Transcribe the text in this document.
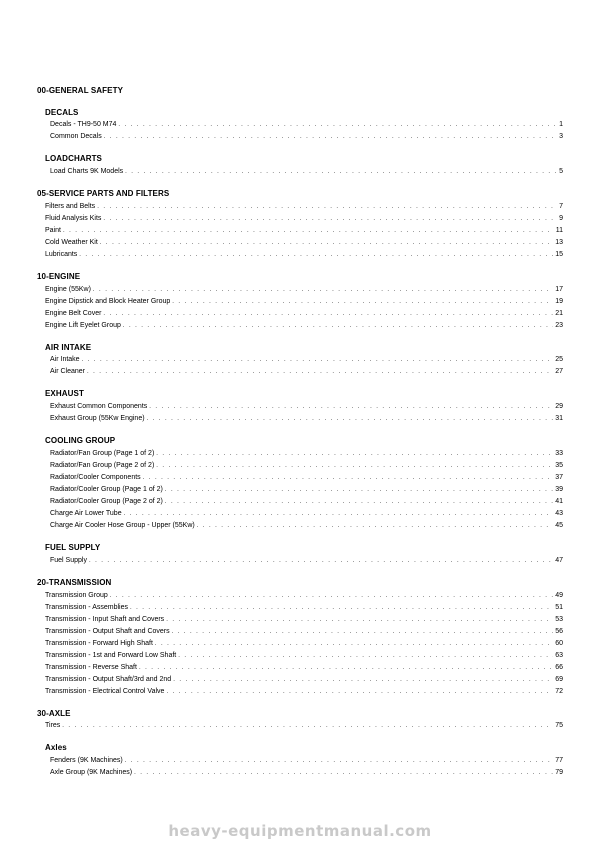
00-GENERAL SAFETY
DECALS
Decals - TH9-50 M74 . . .	1
Common Decals . . .	3
LOADCHARTS
Load Charts 9K Models . . .	5
05-SERVICE PARTS AND FILTERS
Filters and Belts . . .	7
Fluid Analysis Kits . . .	9
Paint . . .	11
Cold Weather Kit . . .	13
Lubricants . . .	15
10-ENGINE
Engine (55Kw) . . .	17
Engine Dipstick and Block Heater Group . . .	19
Engine Belt Cover . . .	21
Engine Lift Eyelet Group . . .	23
AIR INTAKE
Air Intake . . .	25
Air Cleaner . . .	27
EXHAUST
Exhaust Common Components . . .	29
Exhaust Group (55Kw Engine) . . .	31
COOLING GROUP
Radiator/Fan Group (Page 1 of 2) . . .	33
Radiator/Fan Group (Page 2 of 2) . . .	35
Radiator/Cooler Components . . .	37
Radiator/Cooler Group (Page 1 of 2) . . .	39
Radiator/Cooler Group (Page 2 of 2) . . .	41
Charge Air Lower Tube . . .	43
Charge Air Cooler Hose Group - Upper (55Kw) . . .	45
FUEL SUPPLY
Fuel Supply . . .	47
20-TRANSMISSION
Transmission Group . . .	49
Transmission - Assemblies . . .	51
Transmission - Input Shaft and Covers . . .	53
Transmission - Output Shaft and Covers . . .	56
Transmission - Forward High Shaft . . .	60
Transmission - 1st and Forward Low Shaft . . .	63
Transmission - Reverse Shaft . . .	66
Transmission - Output Shaft/3rd and 2nd . . .	69
Transmission - Electrical Control Valve . . .	72
30-AXLE
Tires . . .	75
Axles
Fenders (9K Machines) . . .	77
Axle Group (9K Machines) . . .	79
heavy-equipmentmanual.com
